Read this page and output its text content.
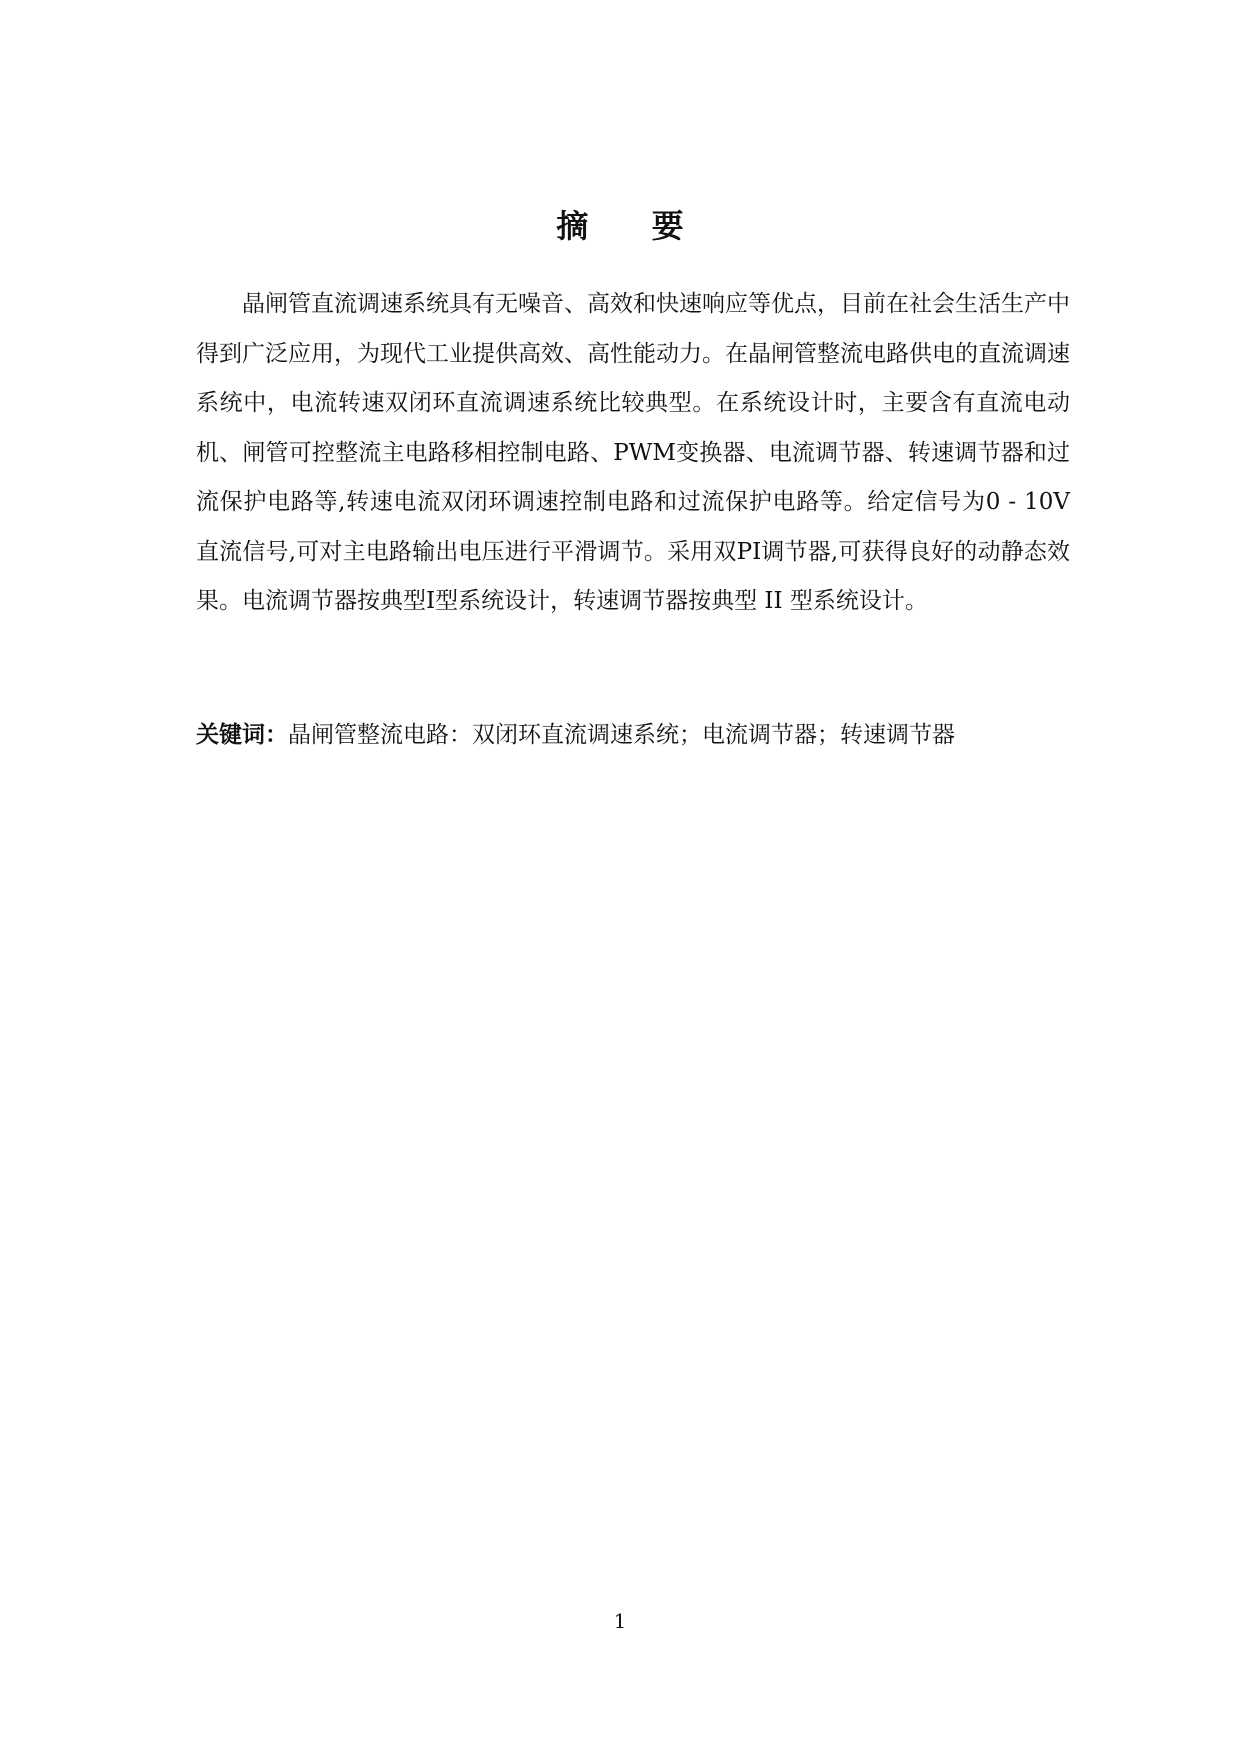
摘 要

晶闸管直流调速系统具有无噪音、高效和快速响应等优点，目前在社会生活生产中得到广泛应用，为现代工业提供高效、高性能动力。在晶闸管整流电路供电的直流调速系统中，电流转速双闭环直流调速系统比较典型。在系统设计时，主要含有直流电动机、闸管可控整流主电路移相控制电路、PWM变换器、电流调节器、转速调节器和过流保护电路等,转速电流双闭环调速控制电路和过流保护电路等。给定信号为0 - 10V 直流信号,可对主电路输出电压进行平滑调节。采用双PI调节器,可获得良好的动静态效果。电流调节器按典型I型系统设计，转速调节器按典型 II 型系统设计。

关键词：晶闸管整流电路：双闭环直流调速系统；电流调节器；转速调节器

1
